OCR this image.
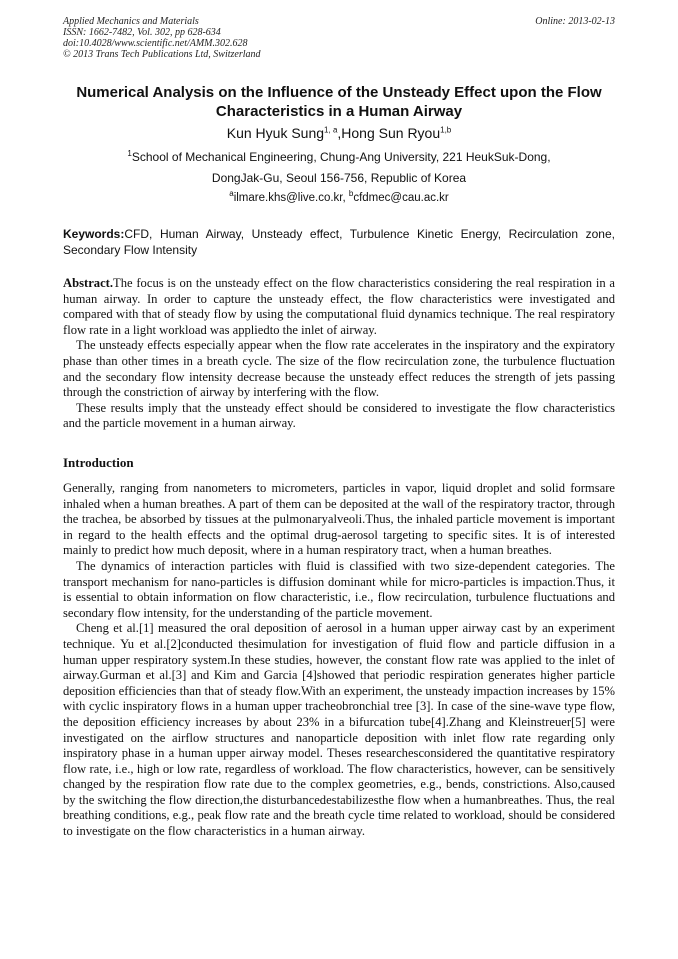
Applied Mechanics and Materials
ISSN: 1662-7482, Vol. 302, pp 628-634
doi:10.4028/www.scientific.net/AMM.302.628
© 2013 Trans Tech Publications Ltd, Switzerland
Online: 2013-02-13
Numerical Analysis on the Influence of the Unsteady Effect upon the Flow Characteristics in a Human Airway
Kun Hyuk Sung$^{1, a}$,Hong Sun Ryou$^{1,b}$
$^1$School of Mechanical Engineering, Chung-Ang University, 221 HeukSuk-Dong,
DongJak-Gu, Seoul 156-756, Republic of Korea
$^a$ilmare.khs@live.co.kr, $^b$cfdmec@cau.ac.kr
Keywords:CFD, Human Airway, Unsteady effect, Turbulence Kinetic Energy, Recirculation zone, Secondary Flow Intensity

Abstract.The focus is on the unsteady effect on the flow characteristics considering the real respiration in a human airway. In order to capture the unsteady effect, the flow characteristics were investigated and compared with that of steady flow by using the computational fluid dynamics technique. The real respiratory flow rate in a light workload was appliedto the inlet of airway.

The unsteady effects especially appear when the flow rate accelerates in the inspiratory and the expiratory phase than other times in a breath cycle. The size of the flow recirculation zone, the turbulence fluctuation and the secondary flow intensity decrease because the unsteady effect reduces the strength of jets passing through the constriction of airway by interfering with the flow.

These results imply that the unsteady effect should be considered to investigate the flow characteristics and the particle movement in a human airway.

Introduction

Generally, ranging from nanometers to micrometers, particles in vapor, liquid droplet and solid formsare inhaled when a human breathes. A part of them can be deposited at the wall of the respiratory tractor, through the trachea, be absorbed by tissues at the pulmonaryalveoli.Thus, the inhaled particle movement is important in regard to the health effects and the optimal drug-aerosol targeting to specific sites. It is of interested mainly to predict how much deposit, where in a human respiratory tract, when a human breathes.

The dynamics of interaction particles with fluid is classified with two size-dependent categories. The transport mechanism for nano-particles is diffusion dominant while for micro-particles is impaction.Thus, it is essential to obtain information on flow characteristic, i.e., flow recirculation, turbulence fluctuations and secondary flow intensity, for the understanding of the particle movement.

Cheng et al.[1] measured the oral deposition of aerosol in a human upper airway cast by an experiment technique. Yu et al.[2]conducted thesimulation for investigation of fluid flow and particle diffusion in a human upper respiratory system.In these studies, however, the constant flow rate was applied to the inlet of airway.Gurman et al.[3] and Kim and Garcia [4]showed that periodic respiration generates higher particle deposition efficiencies than that of steady flow.With an experiment, the unsteady impaction increases by 15% with cyclic inspiratory flows in a human upper tracheobronchial tree [3]. In case of the sine-wave type flow, the deposition efficiency increases by about 23% in a bifurcation tube[4].Zhang and Kleinstreuer[5] were investigated on the airflow structures and nanoparticle deposition with inlet flow rate regarding only inspiratory phase in a human upper airway model. Theses researchesconsidered the quantitative respiratory flow rate, i.e., high or low rate, regardless of workload. The flow characteristics, however, can be sensitively changed by the respiration flow rate due to the complex geometries, e.g., bends, constrictions. Also,caused by the switching the flow direction,the disturbancedestabilizesthe flow when a humanbreathes. Thus, the real breathing conditions, e.g., peak flow rate and the breath cycle time related to workload, should be considered to investigate on the flow characteristics in a human airway.
